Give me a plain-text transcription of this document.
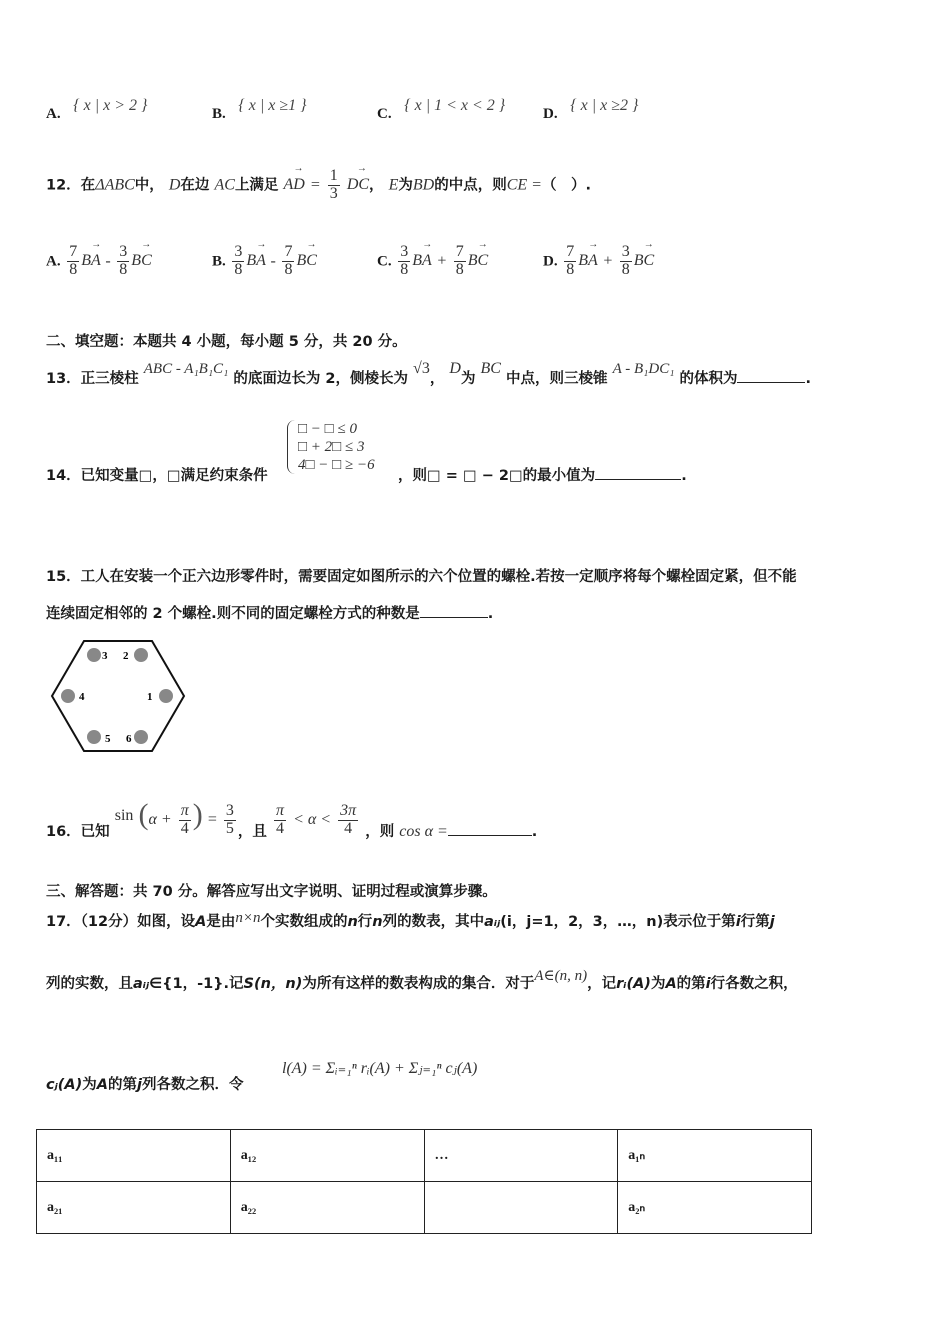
A. { x | x > 2 }	B. { x | x ≥1 }	C. { x | 1 < x < 2 }	D. { x | x ≥2 }
12．在ΔABC中， D在边 AC上满足 → AD = $\frac{1}{3}$ → DC， E为BD的中点，则CE =（　）.
A. $\frac{7}{8}$ → BA - $\frac{3}{8}$ → BC	B. $\frac{3}{8}$ → BA - $\frac{7}{8}$ → BC	C. $\frac{3}{8}$ → BA + $\frac{7}{8}$ → BC	D. $\frac{7}{8}$ → BA + $\frac{3}{8}$ → BC
二、填空题：本题共 4 小题，每小题 5 分，共 20 分。
13．正三棱柱 ABC - A₁B₁C₁ 的底面边长为 2，侧棱长为 √3， D为 BC 中点，则三棱锥 A - B₁DC₁ 的体积为	.
14．已知变量□，□满足约束条件
□ − □ ≤ 0
□ + 2□ ≤ 3
4□ − □ ≥ −6
，则□ = □ − 2□的最小值为	.
15．工人在安装一个正六边形零件时，需要固定如图所示的六个位置的螺栓.若按一定顺序将每个螺栓固定紧，但不能
连续固定相邻的 2 个螺栓.则不同的固定螺栓方式的种数是	.
3 2
4	1
5 6
16．已知 $\sin (\alpha + \frac{\pi}{4}$ ) = $\frac{3}{5}$ ，且 $\frac{\pi}{4} < \alpha < \frac{3\pi}{4}$ ，则 cos α =	.
三、解答题：共 70 分。解答应写出文字说明、证明过程或演算步骤。
17．（12分）如图，设A是由n×n个实数组成的n行n列的数表，其中aᵢⱼ(i，j=1，2，3，…，n)表示位于第i行第j
列的实数，且aᵢⱼ∈{1，-1}.记S(n，n)为所有这样的数表构成的集合．对于A∈(n, n)，记rᵢ(A)为A的第i行各数之积，
cⱼ(A)为A的第j列各数之积．令
l(A) = Σᵢ₌₁ⁿ rᵢ(A) + Σⱼ₌₁ⁿ cⱼ(A)
a₁₁	a₁₂	…	a₁ₙ
a₂₁	a₂₂		a₂ₙ
